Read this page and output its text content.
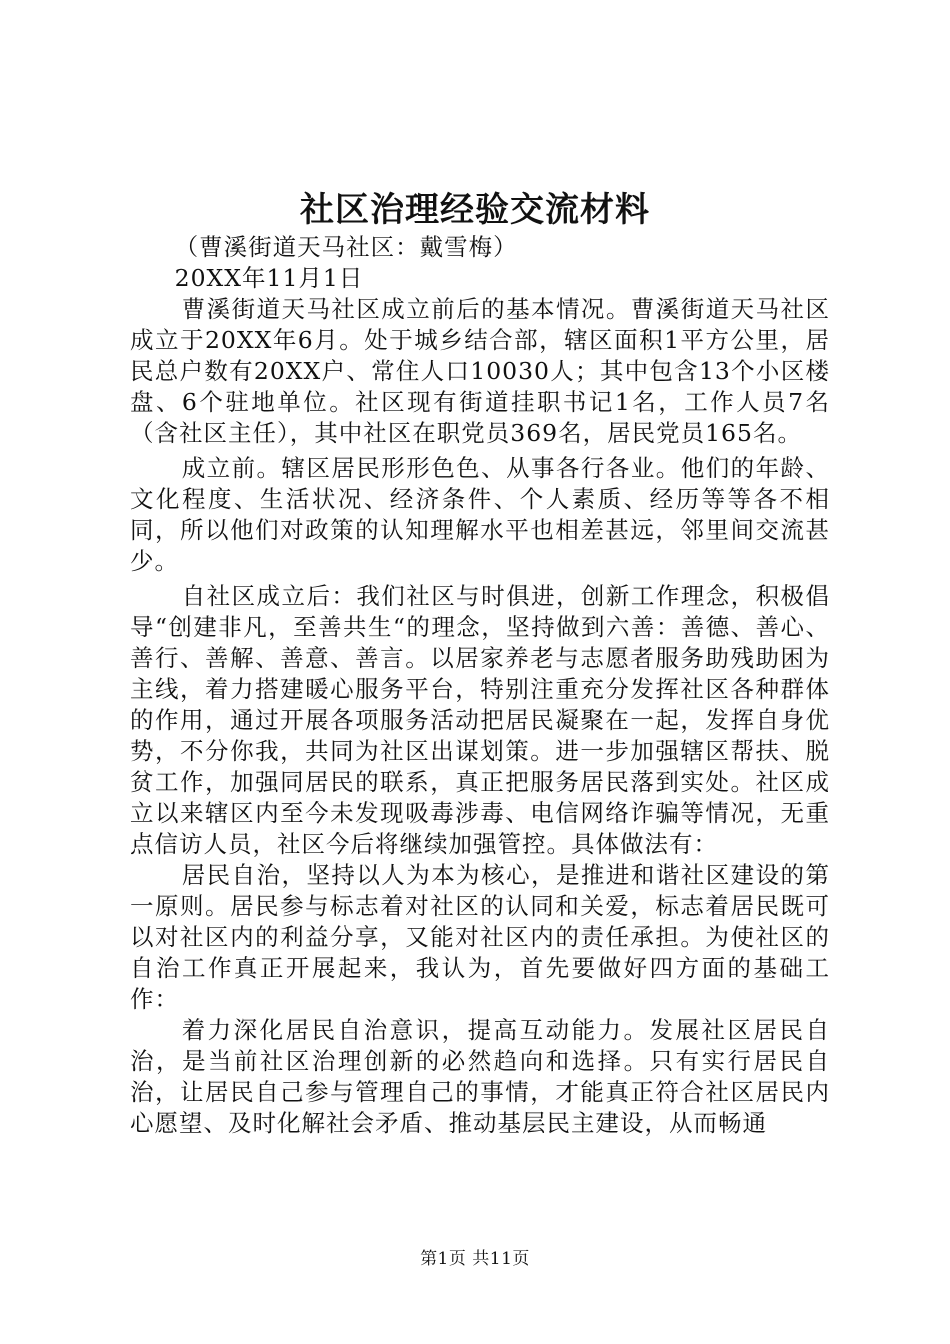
社区治理经验交流材料

（曹溪街道天马社区：戴雪梅）

20XX年11月1日

曹溪街道天马社区成立前后的基本情况。曹溪街道天马社区成立于20XX年6月。处于城乡结合部，辖区面积1平方公里，居民总户数有20XX户、常住人口10030人；其中包含13个小区楼盘、6个驻地单位。社区现有街道挂职书记1名，工作人员7名（含社区主任），其中社区在职党员369名，居民党员165名。

成立前。辖区居民形形色色、从事各行各业。他们的年龄、文化程度、生活状况、经济条件、个人素质、经历等等各不相同，所以他们对政策的认知理解水平也相差甚远，邻里间交流甚少。

自社区成立后：我们社区与时俱进，创新工作理念，积极倡导“创建非凡，至善共生“的理念，坚持做到六善：善德、善心、善行、善解、善意、善言。以居家养老与志愿者服务助残助困为主线，着力搭建暖心服务平台，特别注重充分发挥社区各种群体的作用，通过开展各项服务活动把居民凝聚在一起，发挥自身优势，不分你我，共同为社区出谋划策。进一步加强辖区帮扶、脱贫工作，加强同居民的联系，真正把服务居民落到实处。社区成立以来辖区内至今未发现吸毒涉毒、电信网络诈骗等情况，无重点信访人员，社区今后将继续加强管控。具体做法有：

居民自治，坚持以人为本为核心，是推进和谐社区建设的第一原则。居民参与标志着对社区的认同和关爱，标志着居民既可以对社区内的利益分享，又能对社区内的责任承担。为使社区的自治工作真正开展起来，我认为，首先要做好四方面的基础工作：

着力深化居民自治意识，提高互动能力。发展社区居民自治，是当前社区治理创新的必然趋向和选择。只有实行居民自治，让居民自己参与管理自己的事情，才能真正符合社区居民内心愿望、及时化解社会矛盾、推动基层民主建设，从而畅通

第1页 共11页
